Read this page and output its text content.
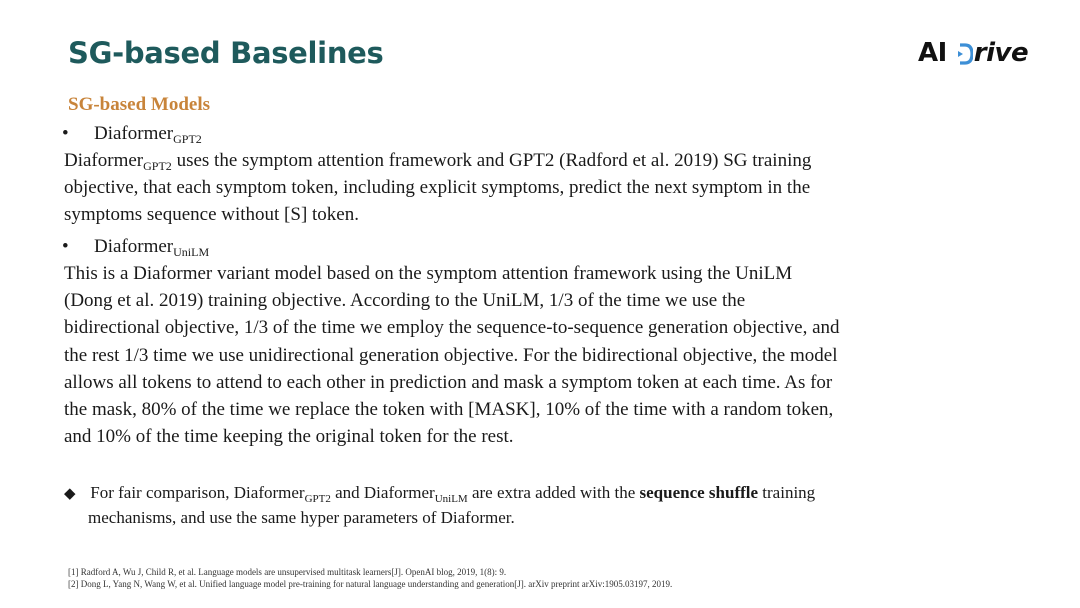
SG-based Baselines	AI rive
SG-based Models
• Diaformer$_{GPT2}$
Diaformer$_{GPT2}$ uses the symptom attention framework and GPT2 (Radford et al. 2019) SG training
objective, that each symptom token, including explicit symptoms, predict the next symptom in the
symptoms sequence without [S] token.
• Diaformer$_{UniLM}$
This is a Diaformer variant model based on the symptom attention framework using the UniLM
(Dong et al. 2019) training objective. According to the UniLM, 1/3 of the time we use the
bidirectional objective, 1/3 of the time we employ the sequence-to-sequence generation objective, and
the rest 1/3 time we use unidirectional generation objective. For the bidirectional objective, the model
allows all tokens to attend to each other in prediction and mask a symptom token at each time. As for
the mask, 80% of the time we replace the token with [MASK], 10% of the time with a random token,
and 10% of the time keeping the original token for the rest.
◆ For fair comparison, Diaformer$_{GPT2}$ and Diaformer$_{UniLM}$ are extra added with the sequence shuffle training
mechanisms, and use the same hyper parameters of Diaformer.
[1] Radford A, Wu J, Child R, et al. Language models are unsupervised multitask learners[J]. OpenAI blog, 2019, 1(8): 9.
[2] Dong L, Yang N, Wang W, et al. Unified language model pre-training for natural language understanding and generation[J]. arXiv preprint arXiv:1905.03197, 2019.
